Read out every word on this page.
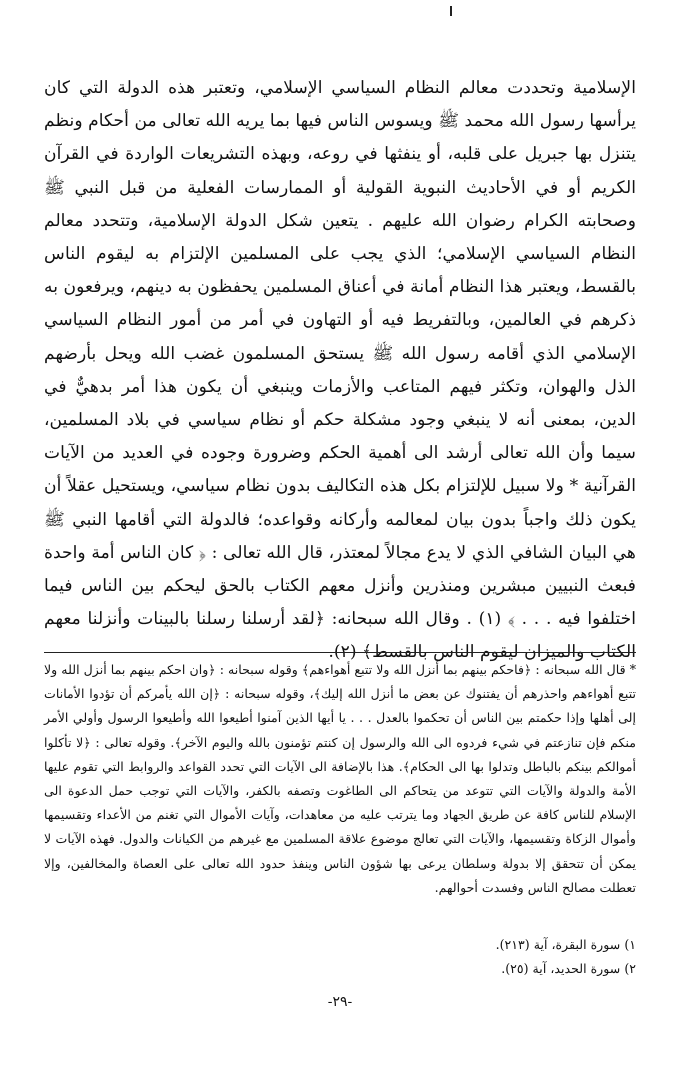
الإسلامية وتحددت معالم النظام السياسي الإسلامي، وتعتبر هذه الدولة التي كان يرأسها رسول الله محمد ﷺ ويسوس الناس فيها بما يريه الله تعالى من أحكام ونظم يتنزل بها جبريل على قلبه، أو ينفثها في روعه، وبهذه التشريعات الواردة في القرآن الكريم أو في الأحاديث النبوية القولية أو الممارسات الفعلية من قبل النبي ﷺ وصحابته الكرام رضوان الله عليهم . يتعين شكل الدولة الإسلامية، وتتحدد معالم النظام السياسي الإسلامي؛ الذي يجب على المسلمين الإلتزام به ليقوم الناس بالقسط، ويعتبر هذا النظام أمانة في أعناق المسلمين يحفظون به دينهم، ويرفعون به ذكرهم في العالمين، وبالتفريط فيه أو التهاون في أمر من أمور النظام السياسي الإسلامي الذي أقامه رسول الله ﷺ يستحق المسلمون غضب الله ويحل بأرضهم الذل والهوان، وتكثر فيهم المتاعب والأزمات وينبغي أن يكون هذا أمر بدهيٌّ في الدين، بمعنى أنه لا ينبغي وجود مشكلة حكم أو نظام سياسي في بلاد المسلمين، سيما وأن الله تعالى أرشد الى أهمية الحكم وضرورة وجوده في العديد من الآيات القرآنية * ولا سبيل للإلتزام بكل هذه التكاليف بدون نظام سياسي، ويستحيل عقلاً أن يكون ذلك واجباً بدون بيان لمعالمه وأركانه وقواعده؛ فالدولة التي أقامها النبي ﷺ هي البيان الشافي الذي لا يدع مجالاً لمعتذر، قال الله تعالى : ﴿ كان الناس أمة واحدة فبعث النبيين مبشرين ومنذرين وأنزل معهم الكتاب بالحق ليحكم بين الناس فيما اختلفوا فيه . . . ﴾ (١) . وقال الله سبحانه: ﴿لقد أرسلنا رسلنا بالبينات وأنزلنا معهم الكتاب والميزان ليقوم الناس بالقسط﴾ (٢).

* قال الله سبحانه : ﴿فاحكم بينهم بما أنزل الله ولا تتبع أهواءهم﴾ وقوله سبحانه : ﴿وان احكم بينهم بما أنزل الله ولا تتبع أهواءهم واحذرهم أن يفتنوك عن بعض ما أنزل الله إليك﴾، وقوله سبحانه : ﴿إن الله يأمركم أن تؤدوا الأمانات إلى أهلها وإذا حكمتم بين الناس أن تحكموا بالعدل . . . يا أيها الذين آمنوا أطيعوا الله وأطيعوا الرسول وأولي الأمر منكم فإن تنازعتم في شيء فردوه الى الله والرسول إن كنتم تؤمنون بالله واليوم الآخر﴾. وقوله تعالى : ﴿لا تأكلوا أموالكم بينكم بالباطل وتدلوا بها الى الحكام﴾. هذا بالإضافة الى الآيات التي تحدد القواعد والروابط التي تقوم عليها الأمة والدولة والآيات التي تتوعد من يتحاكم الى الطاغوت وتصفه بالكفر، والآيات التي توجب حمل الدعوة الى الإسلام للناس كافة عن طريق الجهاد وما يترتب عليه من معاهدات، وآيات الأموال التي تغنم من الأعداء وتقسيمها وأموال الزكاة وتقسيمها، والآيات التي تعالج موضوع علاقة المسلمين مع غيرهم من الكيانات والدول. فهذه الآيات لا يمكن أن تتحقق إلا بدولة وسلطان يرعى بها شؤون الناس وينفذ حدود الله تعالى على العصاة والمخالفين، وإلا تعطلت مصالح الناس وفسدت أحوالهم.

١) سورة البقرة، آية (٢١٣).
٢) سورة الحديد، آية (٢٥).
-٢٩-
